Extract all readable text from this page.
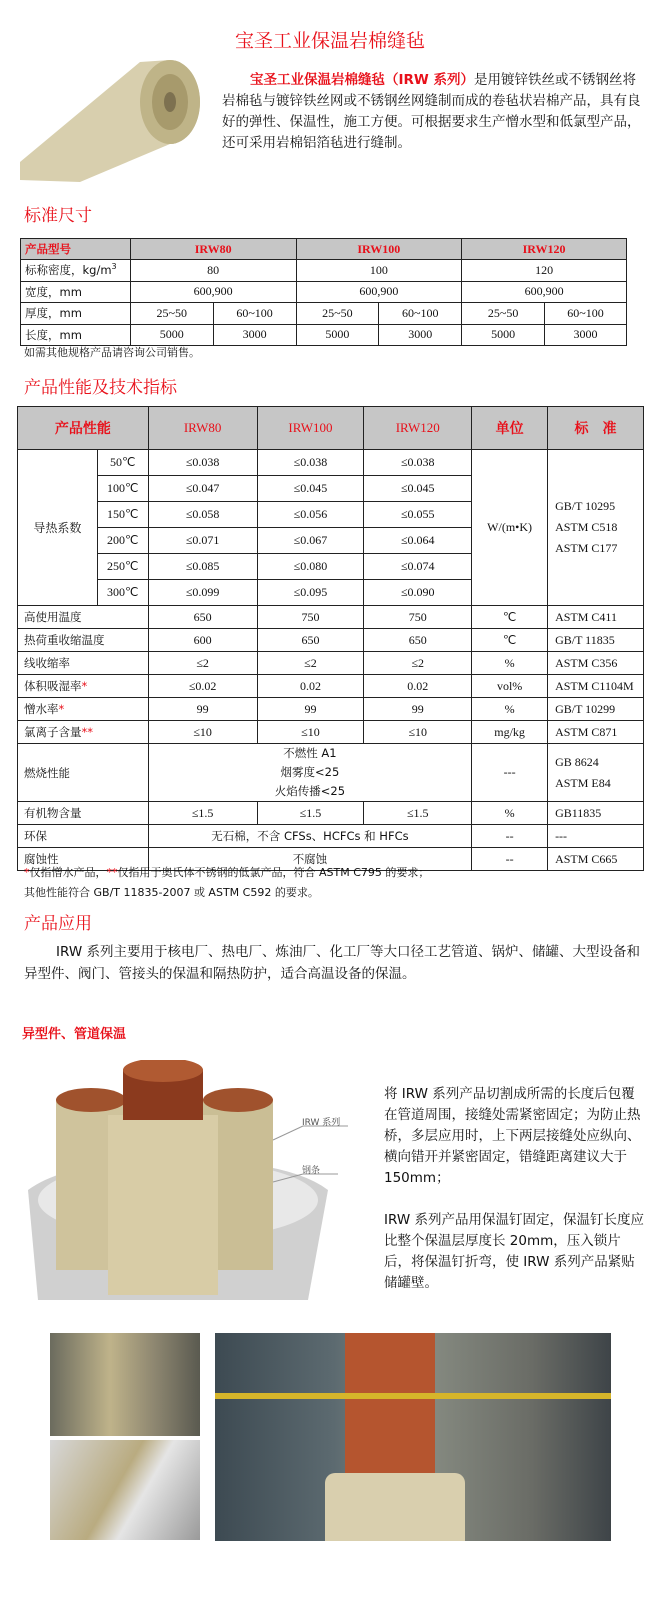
宝圣工业保温岩棉缝毡
宝圣工业保温岩棉缝毡（IRW 系列）是用镀锌铁丝或不锈钢丝将岩棉毡与镀锌铁丝网或不锈钢丝网缝制而成的卷毡状岩棉产品，具有良好的弹性、保温性，施工方便。可根据要求生产憎水型和低氯型产品，还可采用岩棉铝箔毡进行缝制。
标准尺寸
产品型号	IRW80		IRW100		IRW120	
标称密度，$kg/m^3$	80		100		120	
宽度，mm	600,900		600,900		600,900	
厚度，mm	25~50	60~100	25~50	60~100	25~50	60~100
长度，mm	5000	3000	5000	3000	5000	3000
如需其他规格产品请咨询公司销售。
产品性能及技术指标
产品性能		IRW80	IRW100	IRW120	单位	标　准
导热系数	50℃	≤0.038	≤0.038	≤0.038	W/(m•K)	GB/T 10295
ASTM C518
ASTM C177
	100℃	≤0.047	≤0.045	≤0.045		
	150℃	≤0.058	≤0.056	≤0.055		
	200℃	≤0.071	≤0.067	≤0.064		
	250℃	≤0.085	≤0.080	≤0.074		
	300℃	≤0.099	≤0.095	≤0.090		
高使用温度		650	750	750	℃	ASTM C411
热荷重收缩温度		600	650	650	℃	GB/T 11835
线收缩率		≤2	≤2	≤2	%	ASTM C356
体积吸湿率*		≤0.02	0.02	0.02	vol%	ASTM C1104M
憎水率*		99	99	99	%	GB/T 10299
氯离子含量**		≤10	≤10	≤10	mg/kg	ASTM C871
燃烧性能		不燃性 A1
烟雾度<25
火焰传播<25			---	GB 8624
ASTM E84
有机物含量		≤1.5	≤1.5	≤1.5	%	GB11835
环保		无石棉，不含 CFSs、HCFCs 和 HFCs			--	---
腐蚀性		不腐蚀			--	ASTM C665
*仅指憎水产品，**仅指用于奥氏体不锈钢的低氯产品，符合 ASTM C795 的要求；
其他性能符合 GB/T 11835-2007 或 ASTM C592 的要求。
产品应用
IRW 系列主要用于核电厂、热电厂、炼油厂、化工厂等大口径工艺管道、锅炉、储罐、大型设备和异型件、阀门、管接头的保温和隔热防护，适合高温设备的保温。
异型件、管道保温
IRW 系列
钢条

将 IRW 系列产品切割成所需的长度后包覆在管道周围，接缝处需紧密固定；为防止热桥，多层应用时，上下两层接缝处应纵向、横向错开并紧密固定，错缝距离建议大于 150mm；

IRW 系列产品用保温钉固定，保温钉长度应比整个保温层厚度长 20mm，压入锁片后，将保温钉折弯，使 IRW 系列产品紧贴储罐壁。
